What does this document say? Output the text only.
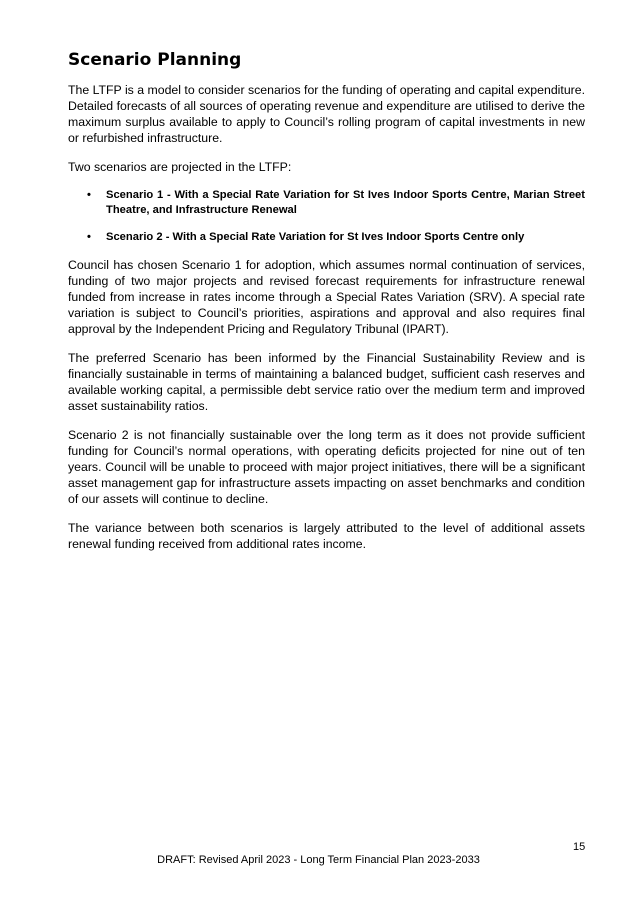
Scenario Planning

The LTFP is a model to consider scenarios for the funding of operating and capital expenditure. Detailed forecasts of all sources of operating revenue and expenditure are utilised to derive the maximum surplus available to apply to Council’s rolling program of capital investments in new or refurbished infrastructure.

Two scenarios are projected in the LTFP:

• Scenario 1 - With a Special Rate Variation for St Ives Indoor Sports Centre, Marian Street Theatre, and Infrastructure Renewal
• Scenario 2 - With a Special Rate Variation for St Ives Indoor Sports Centre only

Council has chosen Scenario 1 for adoption, which assumes normal continuation of services, funding of two major projects and revised forecast requirements for infrastructure renewal funded from increase in rates income through a Special Rates Variation (SRV). A special rate variation is subject to Council’s priorities, aspirations and approval and also requires final approval by the Independent Pricing and Regulatory Tribunal (IPART).

The preferred Scenario has been informed by the Financial Sustainability Review and is financially sustainable in terms of maintaining a balanced budget, sufficient cash reserves and available working capital, a permissible debt service ratio over the medium term and improved asset sustainability ratios.

Scenario 2 is not financially sustainable over the long term as it does not provide sufficient funding for Council’s normal operations, with operating deficits projected for nine out of ten years. Council will be unable to proceed with major project initiatives, there will be a significant asset management gap for infrastructure assets impacting on asset benchmarks and condition of our assets will continue to decline.

The variance between both scenarios is largely attributed to the level of additional assets renewal funding received from additional rates income.

15
DRAFT: Revised April 2023 - Long Term Financial Plan 2023-2033
